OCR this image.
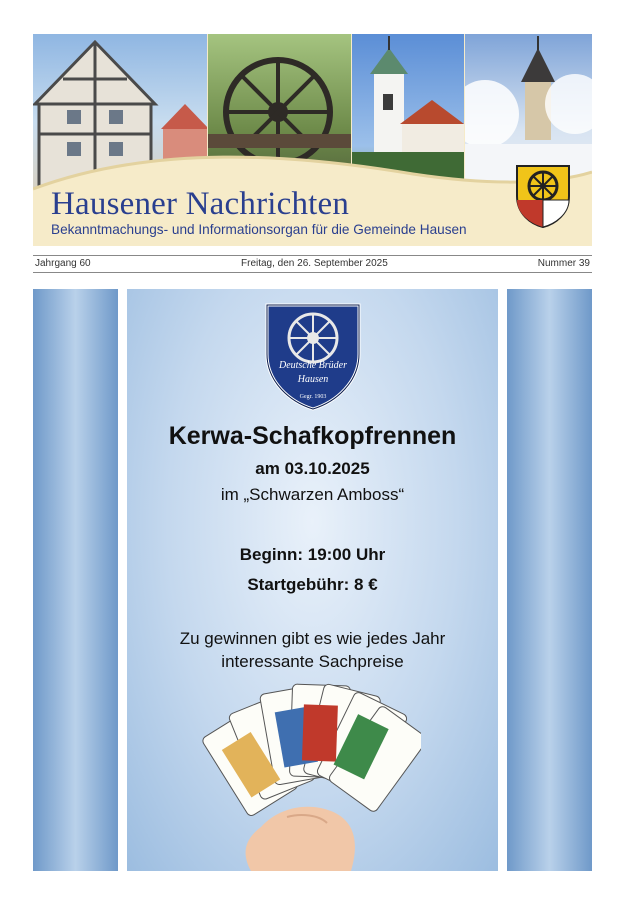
Hausener Nachrichten
Bekanntmachungs- und Informationsorgan für die Gemeinde Hausen
Jahrgang 60	Freitag, den 26. September 2025	Nummer 39
Deutsche Brüder
Hausen
Gegr. 1903
Kerwa-Schafkopfrennen
am 03.10.2025
im „Schwarzen Amboss“
Beginn: 19:00 Uhr
Startgebühr: 8 €
Zu gewinnen gibt es wie jedes Jahr
interessante Sachpreise
